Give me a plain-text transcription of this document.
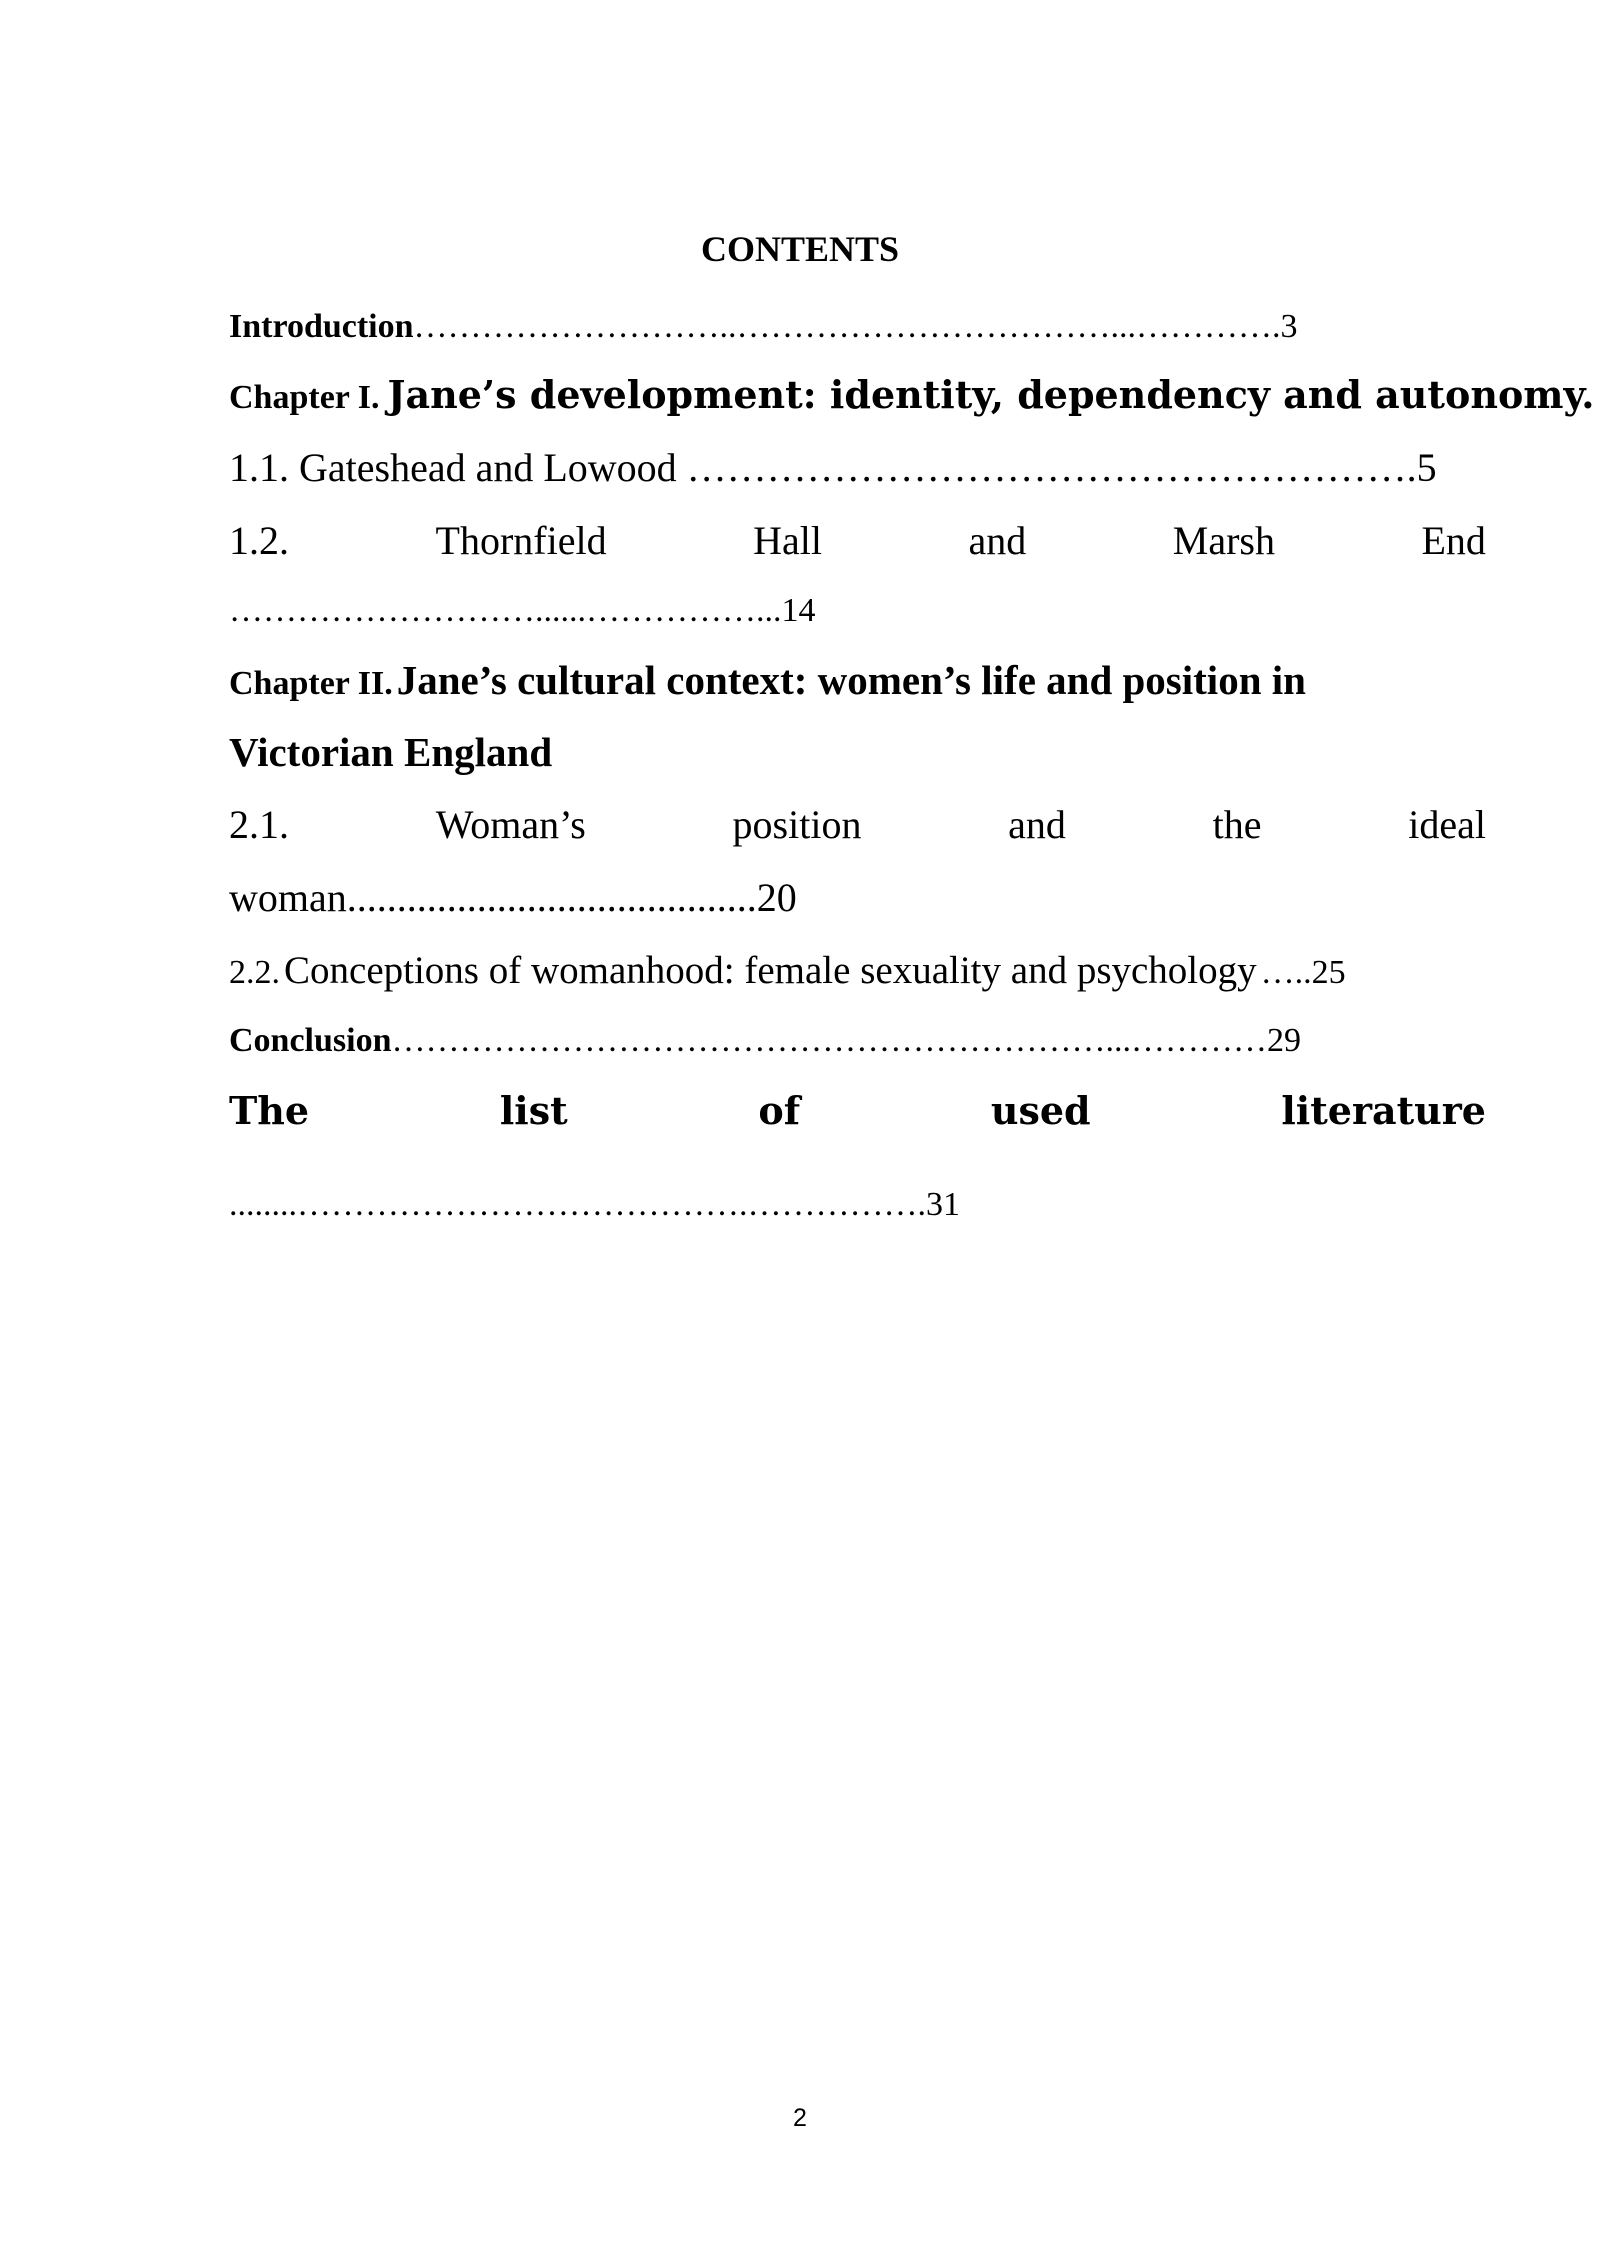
CONTENTS
Introduction………………………..……………………………...………….3
Chapter I. Jane’s development: identity, dependency and autonomy.
1.1. Gateshead and Lowood ……………………………………………….5
1.2.	Thornfield	Hall	and	Marsh	End
………………………......……………...14
Chapter II. Jane’s cultural context: women’s life and position in
Victorian England
2.1.	Woman’s	position	and	the	ideal
woman.........................................20
2.2. Conceptions of womanhood: female sexuality and psychology …..25
Conclusion………………………………………………………...…………29
The	list	of	used	literature
........………………………………….…………….31
2
